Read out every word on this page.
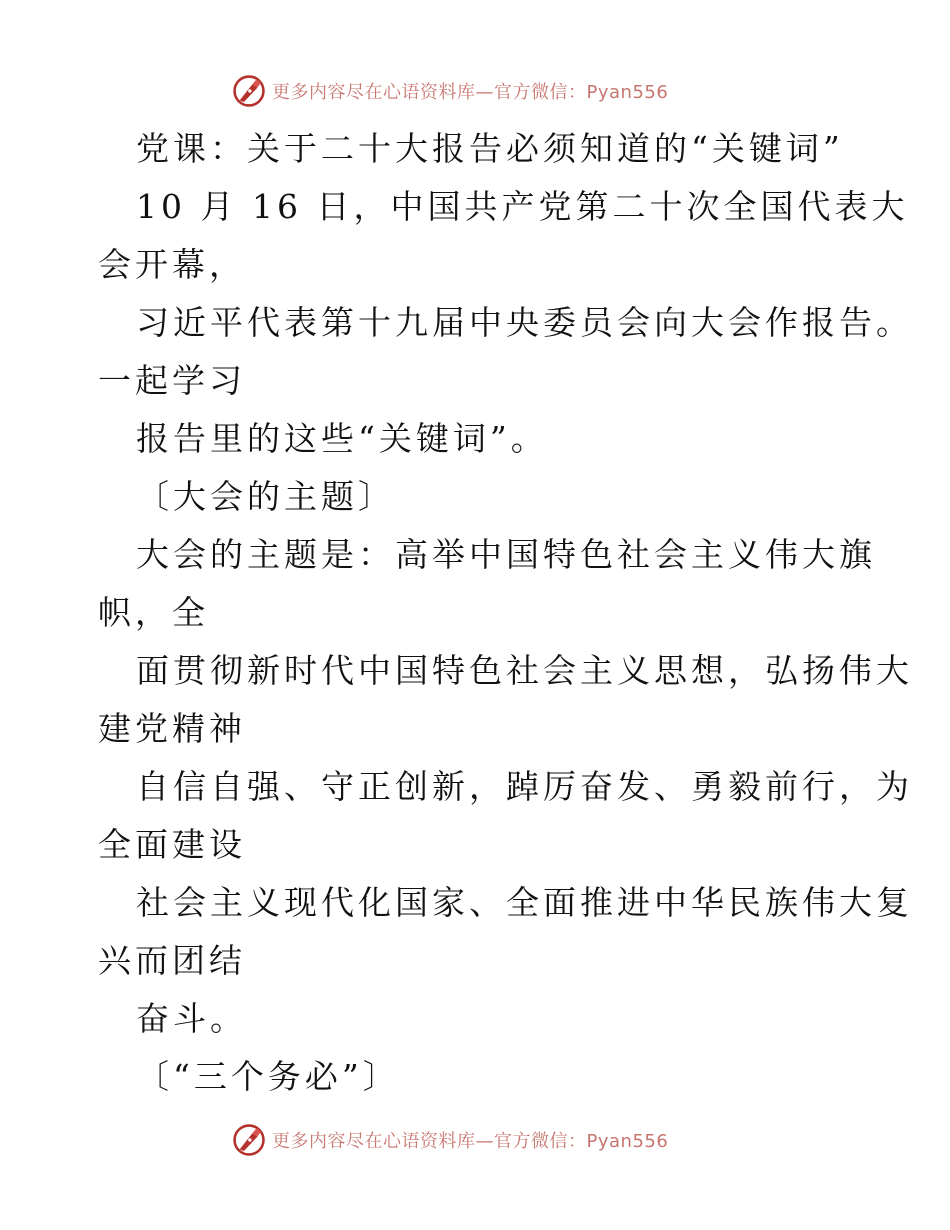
更多内容尽在心语资料库—官方微信：Pyan556
党课：关于二十大报告必须知道的“关键词”
10 月 16 日，中国共产党第二十次全国代表大
会开幕，
习近平代表第十九届中央委员会向大会作报告。
一起学习
报告里的这些“关键词”。
〔大会的主题〕
大会的主题是：高举中国特色社会主义伟大旗
帜，全
面贯彻新时代中国特色社会主义思想，弘扬伟大
建党精神
自信自强、守正创新，踔厉奋发、勇毅前行，为
全面建设
社会主义现代化国家、全面推进中华民族伟大复
兴而团结
奋斗。
〔“三个务必”〕
更多内容尽在心语资料库—官方微信：Pyan556
